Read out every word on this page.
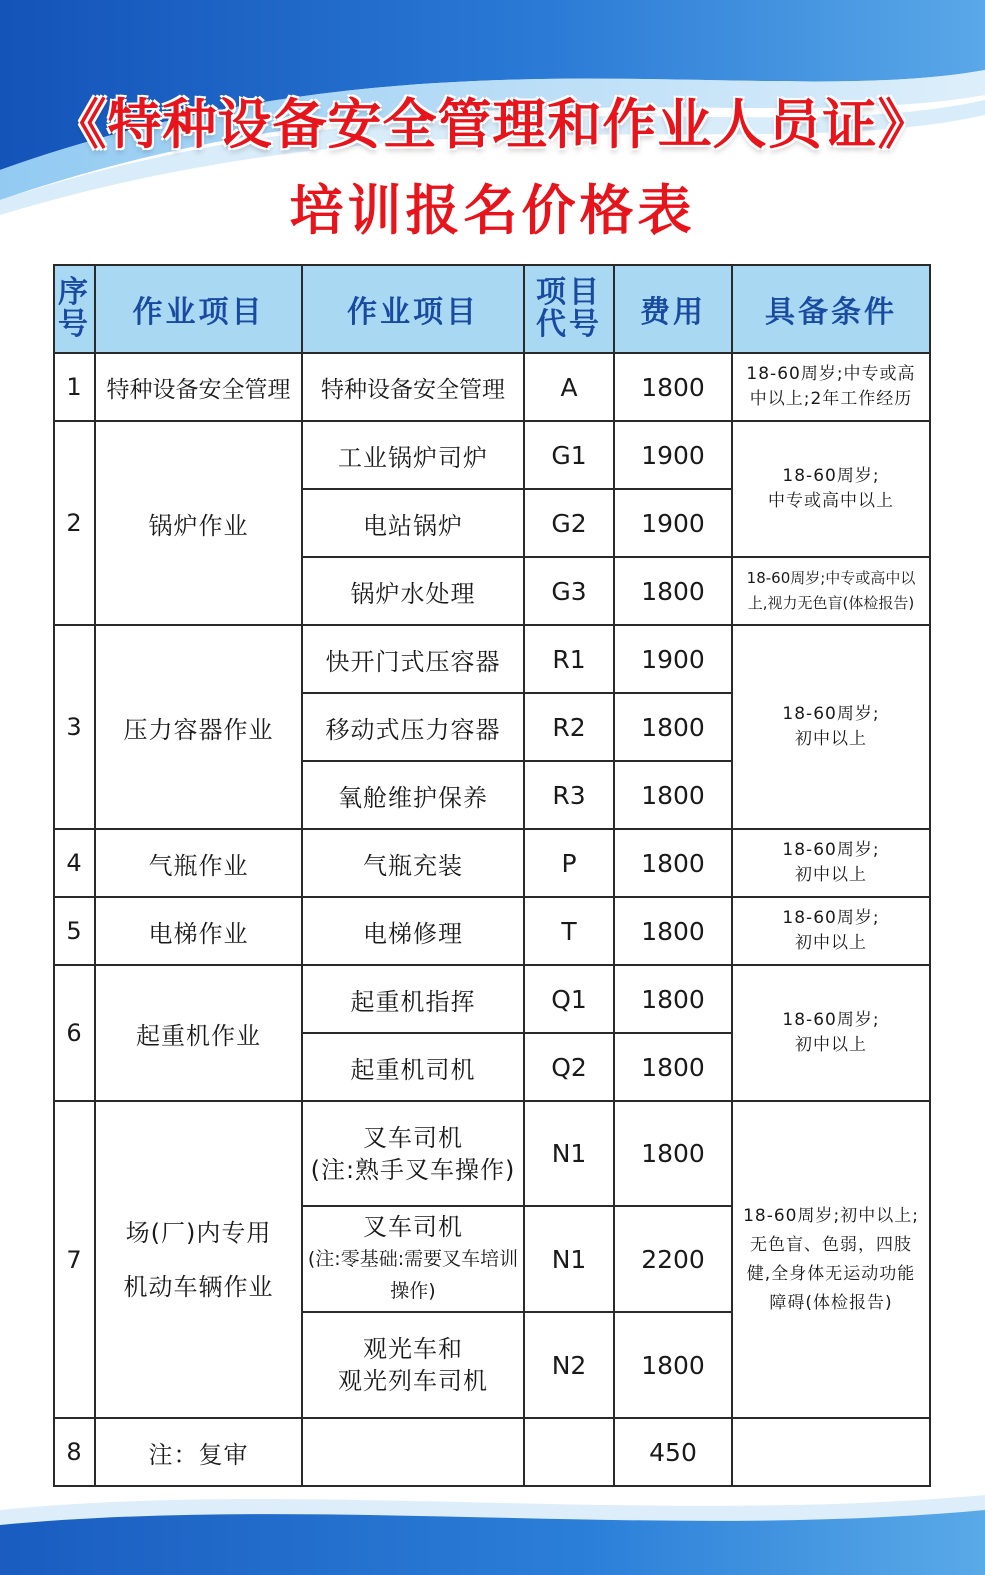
《特种设备安全管理和作业人员证》
培训报名价格表
序
号	作业项目	作业项目	项目
代号	费用	具备条件
1	特种设备安全管理	特种设备安全管理	A	1800	18-60周岁;中专或高
中以上;2年工作经历

2	锅炉作业	工业锅炉司炉	G1	1900	18-60周岁;
中专或高中以上

		电站锅炉	G2	1900	
		锅炉水处理	G3	1800	18-60周岁;中专或高中以
上,视力无色盲(体检报告)

3	压力容器作业	快开门式压容器	R1	1900	18-60周岁;
初中以上

		移动式压力容器	R2	1800	
		氧舱维护保养	R3	1800	
4	气瓶作业	气瓶充装	P	1800	18-60周岁;
初中以上

5	电梯作业	电梯修理	T	1800	18-60周岁;
初中以上

6	起重机作业	起重机指挥	Q1	1800	18-60周岁;
初中以上

		起重机司机	Q2	1800	
7	场(厂)内专用
机动车辆作业	叉车司机
(注:熟手叉车操作)	N1	1800	18-60周岁;初中以上;
无色盲、色弱，四肢
健,全身体无运动功能
障碍(体检报告)

		叉车司机
(注:零基础:需要叉车培训操作)	N1	2200	

		观光车和
观光列车司机	N2	1800	
8	注：复审			450	
